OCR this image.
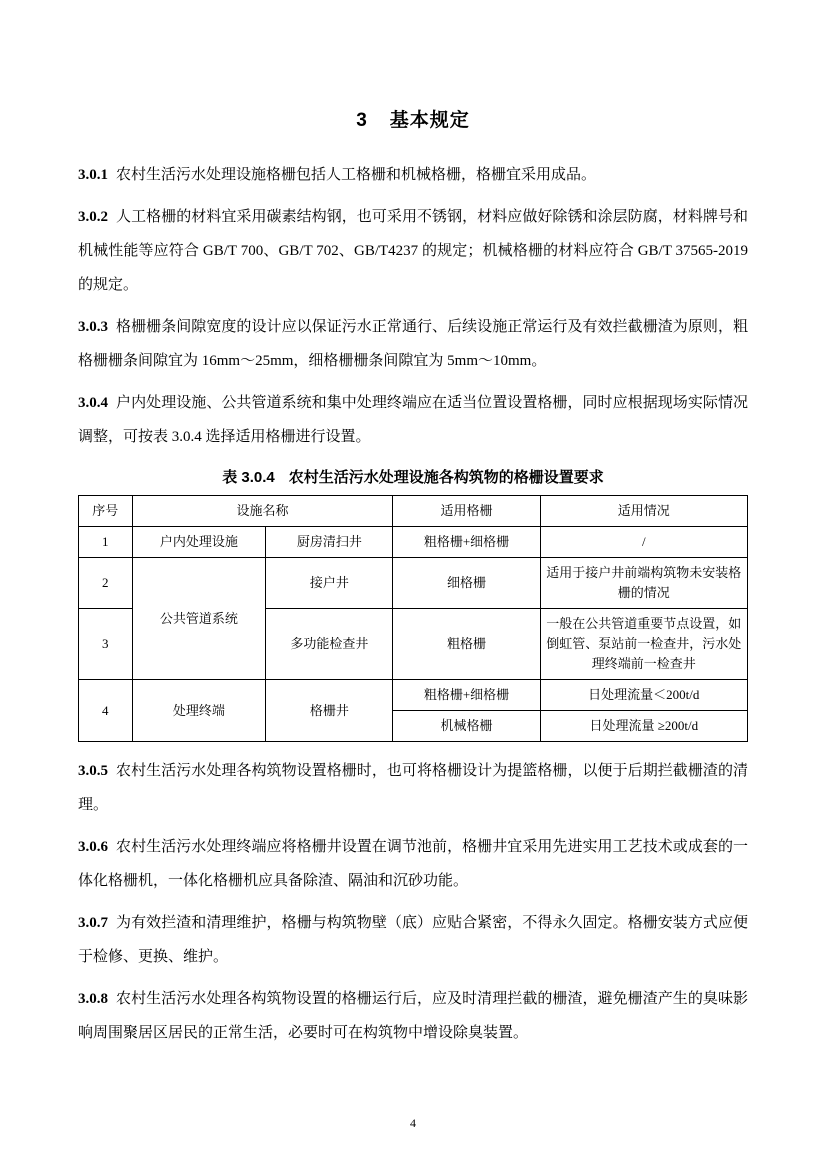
3 基本规定

3.0.1 农村生活污水处理设施格栅包括人工格栅和机械格栅，格栅宜采用成品。

3.0.2 人工格栅的材料宜采用碳素结构钢，也可采用不锈钢，材料应做好除锈和涂层防腐，材料牌号和机械性能等应符合 GB/T 700、GB/T 702、GB/T4237 的规定；机械格栅的材料应符合 GB/T 37565-2019 的规定。

3.0.3 格栅栅条间隙宽度的设计应以保证污水正常通行、后续设施正常运行及有效拦截栅渣为原则，粗格栅栅条间隙宜为 16mm～25mm，细格栅栅条间隙宜为 5mm～10mm。

3.0.4 户内处理设施、公共管道系统和集中处理终端应在适当位置设置格栅，同时应根据现场实际情况调整，可按表 3.0.4 选择适用格栅进行设置。

表 3.0.4 农村生活污水处理设施各构筑物的格栅设置要求
序号	设施名称		适用格栅	适用情况
1	户内处理设施	厨房清扫井	粗格栅+细格栅	/
2	公共管道系统	接户井	细格栅	适用于接户井前端构筑物未安装格栅的情况
3		多功能检查井	粗格栅	一般在公共管道重要节点设置，如倒虹管、泵站前一检查井，污水处理终端前一检查井
4	处理终端	格栅井	粗格栅+细格栅	日处理流量＜200t/d
			机械格栅	日处理流量 ≥200t/d

3.0.5 农村生活污水处理各构筑物设置格栅时，也可将格栅设计为提篮格栅，以便于后期拦截栅渣的清理。

3.0.6 农村生活污水处理终端应将格栅井设置在调节池前，格栅井宜采用先进实用工艺技术或成套的一体化格栅机，一体化格栅机应具备除渣、隔油和沉砂功能。

3.0.7 为有效拦渣和清理维护，格栅与构筑物壁（底）应贴合紧密，不得永久固定。格栅安装方式应便于检修、更换、维护。

3.0.8 农村生活污水处理各构筑物设置的格栅运行后，应及时清理拦截的栅渣，避免栅渣产生的臭味影响周围聚居区居民的正常生活，必要时可在构筑物中增设除臭装置。

4
